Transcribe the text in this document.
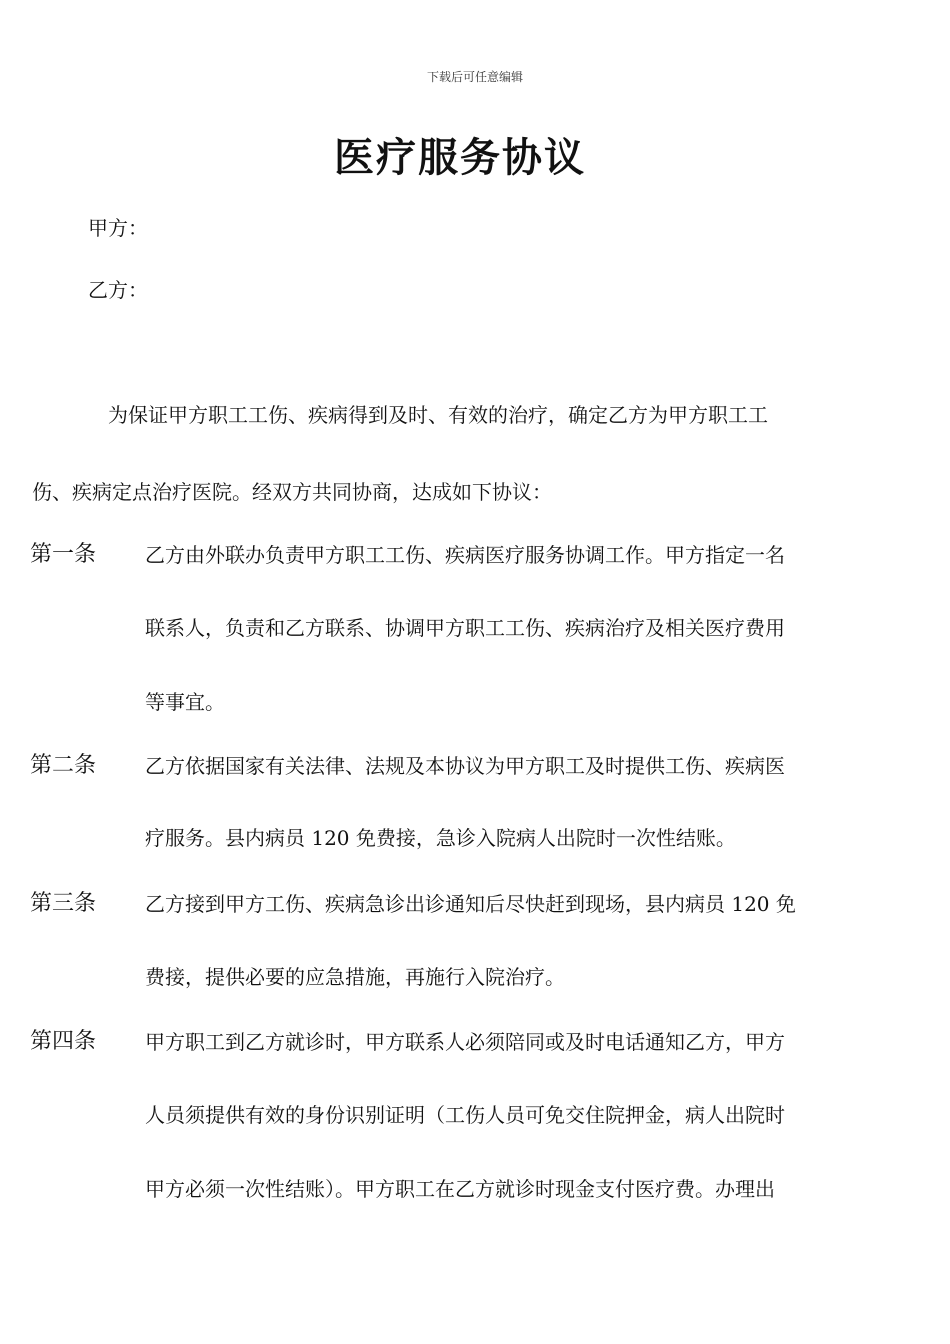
下载后可任意编辑
医疗服务协议
甲方：
乙方：
为保证甲方职工工伤、疾病得到及时、有效的治疗，确定乙方为甲方职工工
伤、疾病定点治疗医院。经双方共同协商，达成如下协议：
第一条 乙方由外联办负责甲方职工工伤、疾病医疗服务协调工作。甲方指定一名
联系人，负责和乙方联系、协调甲方职工工伤、疾病治疗及相关医疗费用
等事宜。
第二条 乙方依据国家有关法律、法规及本协议为甲方职工及时提供工伤、疾病医
疗服务。县内病员 120 免费接，急诊入院病人出院时一次性结账。
第三条 乙方接到甲方工伤、疾病急诊出诊通知后尽快赶到现场，县内病员 120 免
费接，提供必要的应急措施，再施行入院治疗。
第四条 甲方职工到乙方就诊时，甲方联系人必须陪同或及时电话通知乙方，甲方
人员须提供有效的身份识别证明（工伤人员可免交住院押金，病人出院时
甲方必须一次性结账）。甲方职工在乙方就诊时现金支付医疗费。办理出
